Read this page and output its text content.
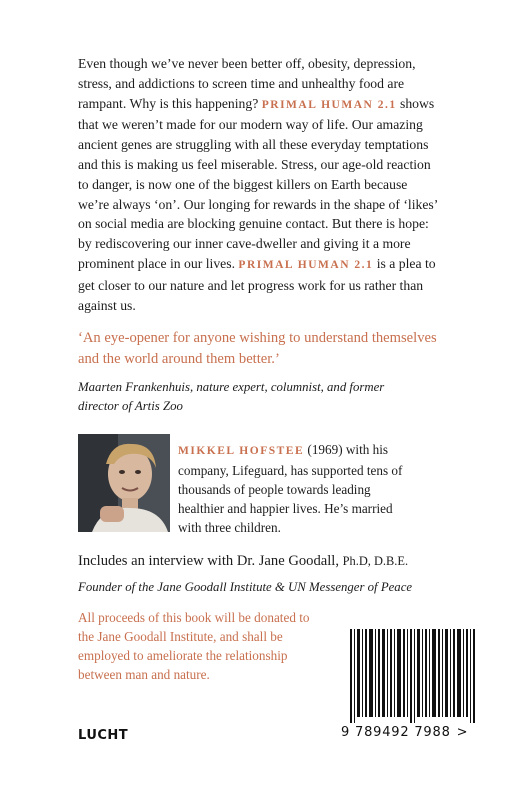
Even though we’ve never been better off, obesity, depression, stress, and addictions to screen time and unhealthy food are rampant. Why is this happening? PRIMAL HUMAN 2.1 shows that we weren’t made for our modern way of life. Our amazing ancient genes are struggling with all these everyday temptations and this is making us feel miserable. Stress, our age-old reaction to danger, is now one of the biggest killers on Earth because we’re always ‘on’. Our longing for rewards in the shape of ‘likes’ on social media are blocking genuine contact. But there is hope: by rediscovering our inner cave-dweller and giving it a more prominent place in our lives. PRIMAL HUMAN 2.1 is a plea to get closer to our nature and let progress work for us rather than against us.
‘An eye-opener for anyone wishing to understand themselves and the world around them better.’
Maarten Frankenhuis, nature expert, columnist, and former director of Artis Zoo
MIKKEL HOFSTEE (1969) with his company, Lifeguard, has supported tens of thousands of people towards leading healthier and happier lives. He’s married with three children.
Includes an interview with Dr. Jane Goodall, Ph.D, D.B.E.
Founder of the Jane Goodall Institute & UN Messenger of Peace
All proceeds of this book will be donated to the Jane Goodall Institute, and shall be employed to ameliorate the relationship between man and nature.
LUCHT	9 789492 7988 >
